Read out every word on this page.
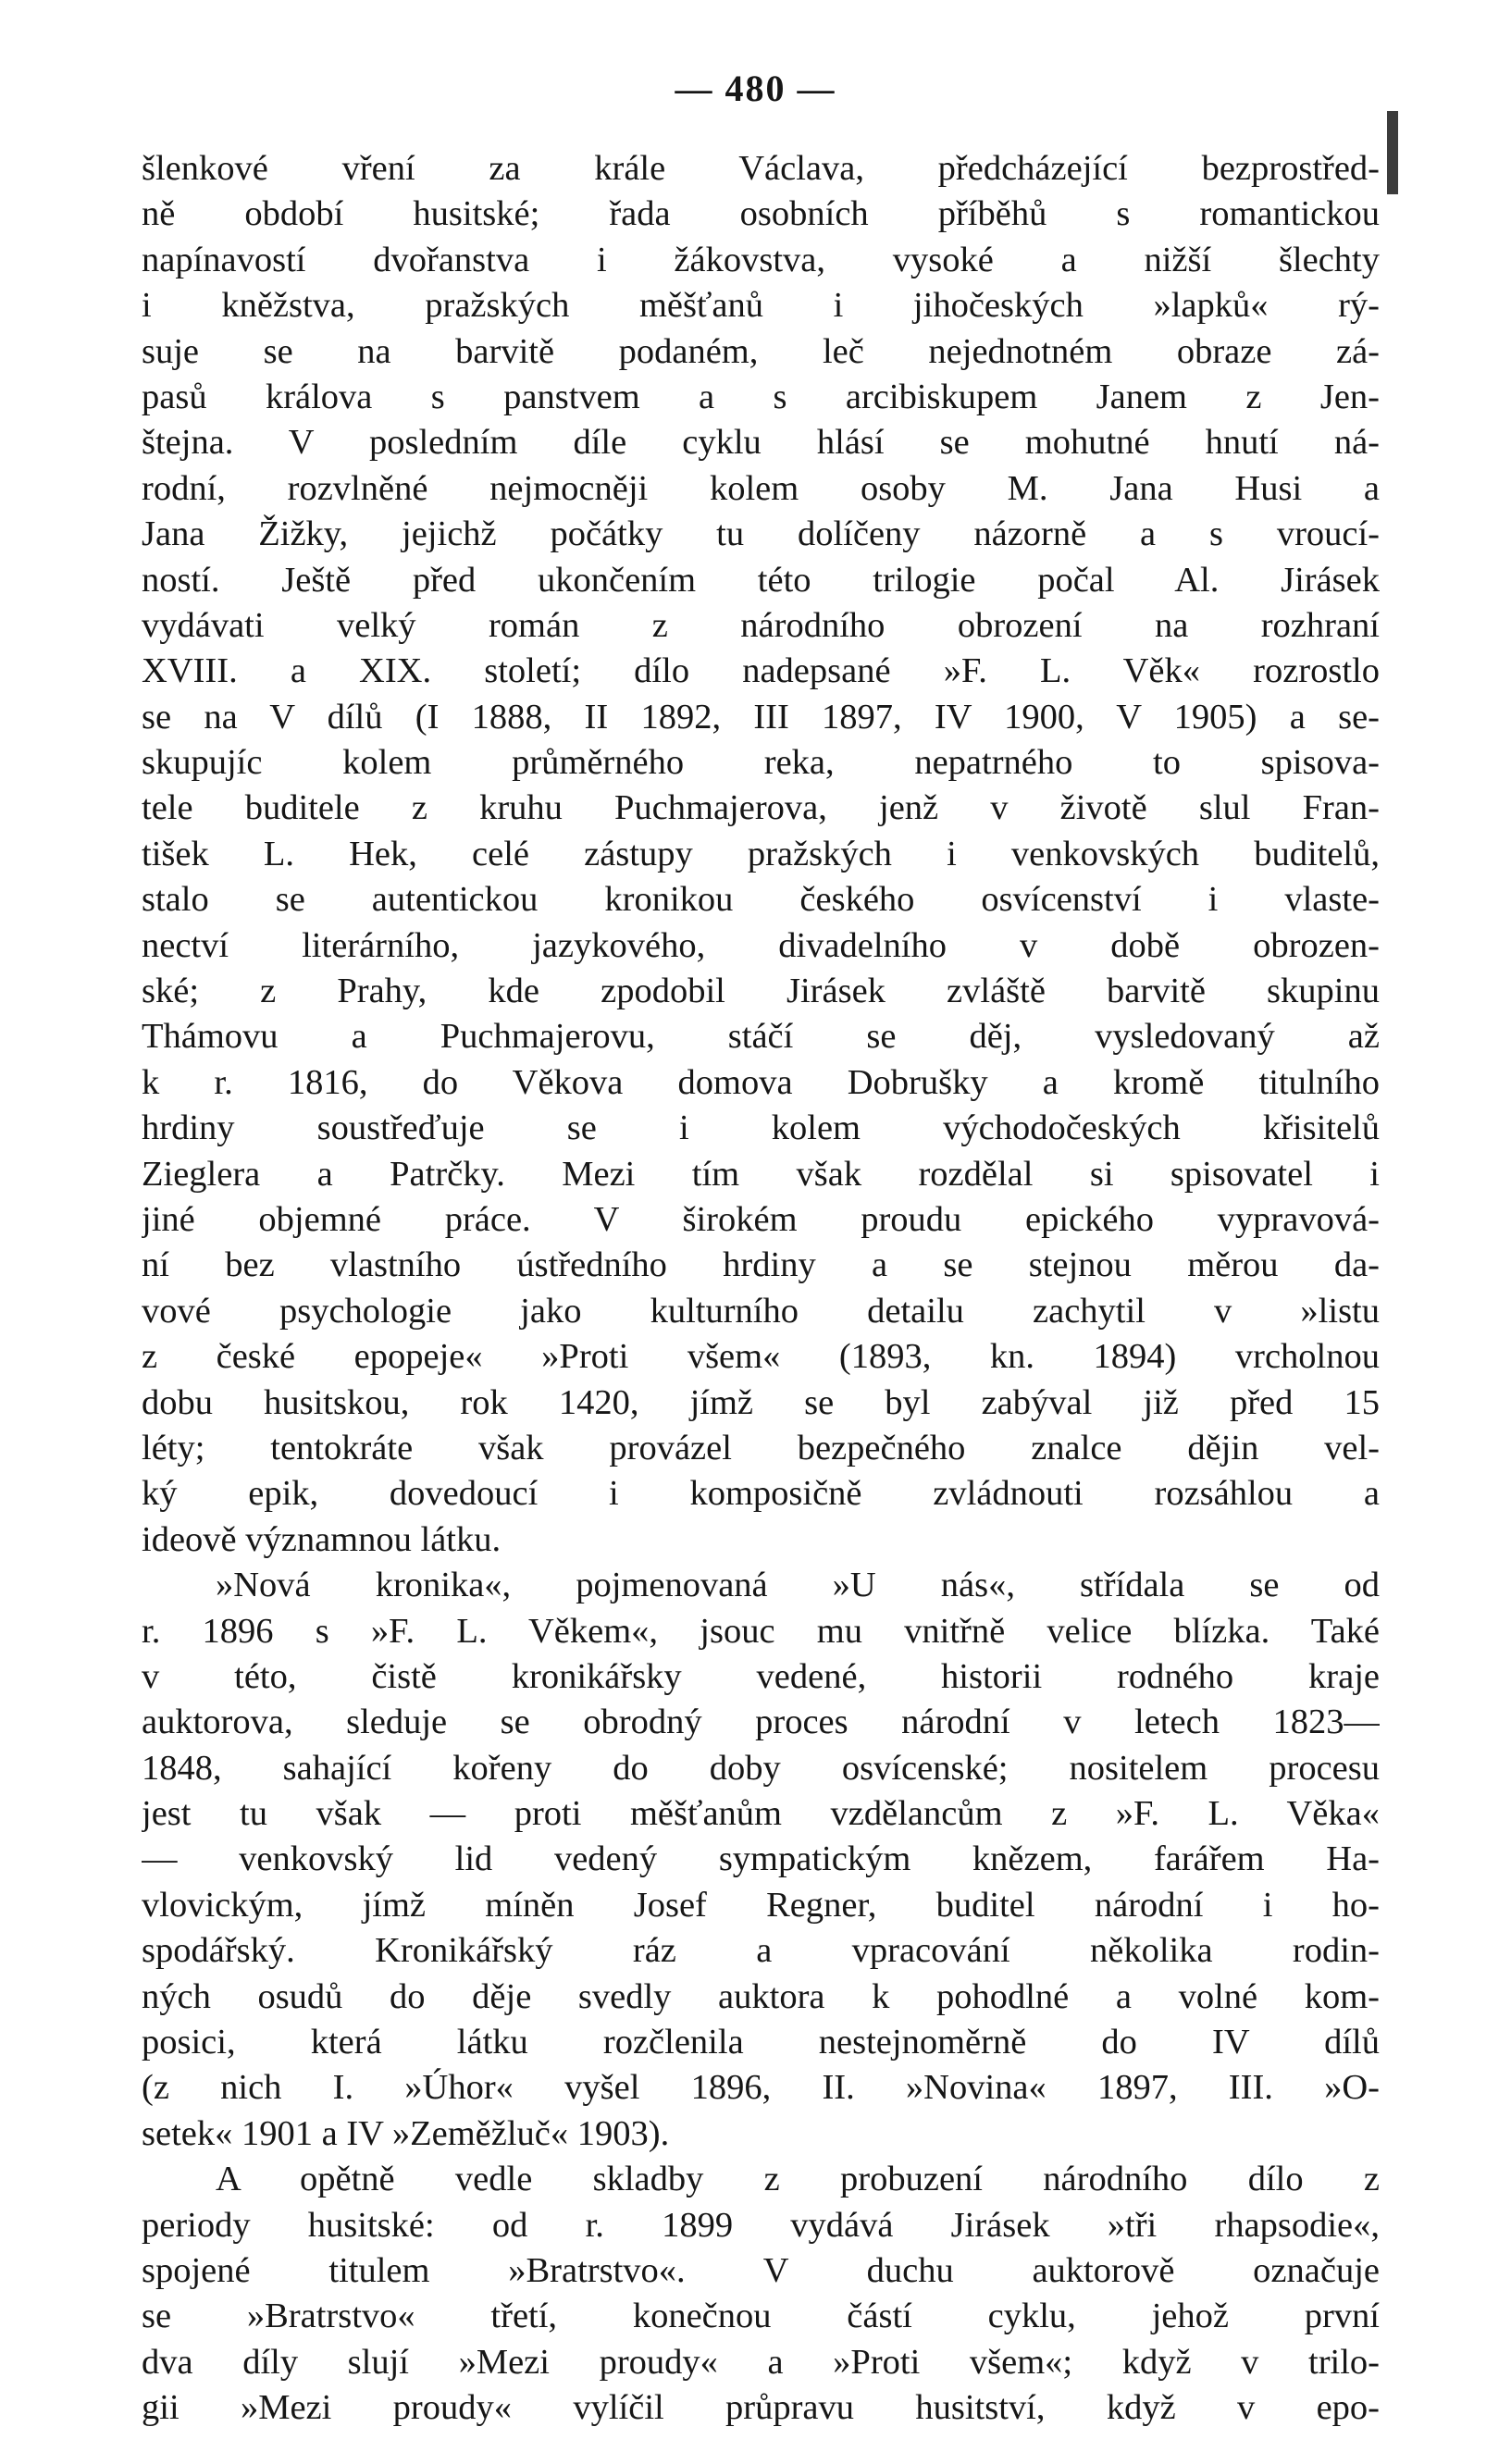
— 480 —
šlenkové vření za krále Václava, předcházející bezprostřed-
ně období husitské; řada osobních příběhů s romantickou
napínavostí dvořanstva i žákovstva, vysoké a nižší šlechty
i kněžstva, pražských měšťanů i jihočeských »lapků« rý-
suje se na barvitě podaném, leč nejednotném obraze zá-
pasů králova s panstvem a s arcibiskupem Janem z Jen-
štejna. V posledním díle cyklu hlásí se mohutné hnutí ná-
rodní, rozvlněné nejmocněji kolem osoby M. Jana Husi a
Jana Žižky, jejichž počátky tu dolíčeny názorně a s vroucí-
ností. Ještě před ukončením této trilogie počal Al. Jirásek
vydávati velký román z národního obrození na rozhraní
XVIII. a XIX. století; dílo nadepsané »F. L. Věk« rozrostlo
se na V dílů (I 1888, II 1892, III 1897, IV 1900, V 1905) a se-
skupujíc kolem průměrného reka, nepatrného to spisova-
tele buditele z kruhu Puchmajerova, jenž v životě slul Fran-
tišek L. Hek, celé zástupy pražských i venkovských buditelů,
stalo se autentickou kronikou českého osvícenství i vlaste-
nectví literárního, jazykového, divadelního v době obrozen-
ské; z Prahy, kde zpodobil Jirásek zvláště barvitě skupinu
Thámovu a Puchmajerovu, stáčí se děj, vysledovaný až
k r. 1816, do Věkova domova Dobrušky a kromě titulního
hrdiny soustřeďuje se i kolem východočeských křisitelů
Zieglera a Patrčky. Mezi tím však rozdělal si spisovatel i
jiné objemné práce. V širokém proudu epického vypravová-
ní bez vlastního ústředního hrdiny a se stejnou měrou da-
vové psychologie jako kulturního detailu zachytil v »listu
z české epopeje« »Proti všem« (1893, kn. 1894) vrcholnou
dobu husitskou, rok 1420, jímž se byl zabýval již před 15
léty; tentokráte však provázel bezpečného znalce dějin vel-
ký epik, dovedoucí i komposičně zvládnouti rozsáhlou a
ideově významnou látku.
»Nová kronika«, pojmenovaná »U nás«, střídala se od
r. 1896 s »F. L. Věkem«, jsouc mu vnitřně velice blízka. Také
v této, čistě kronikářsky vedené, historii rodného kraje
auktorova, sleduje se obrodný proces národní v letech 1823—
1848, sahající kořeny do doby osvícenské; nositelem procesu
jest tu však — proti měšťanům vzdělancům z »F. L. Věka«
— venkovský lid vedený sympatickým knězem, farářem Ha-
vlovickým, jímž míněn Josef Regner, buditel národní i ho-
spodářský. Kronikářský ráz a vpracování několika rodin-
ných osudů do děje svedly auktora k pohodlné a volné kom-
posici, která látku rozčlenila nestejnoměrně do IV dílů
(z nich I. »Úhor« vyšel 1896, II. »Novina« 1897, III. »O-
setek« 1901 a IV »Zeměžluč« 1903).
A opětně vedle skladby z probuzení národního dílo z
periody husitské: od r. 1899 vydává Jirásek »tři rhapsodie«,
spojené titulem »Bratrstvo«. V duchu auktorově označuje
se »Bratrstvo« třetí, konečnou částí cyklu, jehož první
dva díly slují »Mezi proudy« a »Proti všem«; když v trilo-
gii »Mezi proudy« vylíčil průpravu husitství, když v epo-
